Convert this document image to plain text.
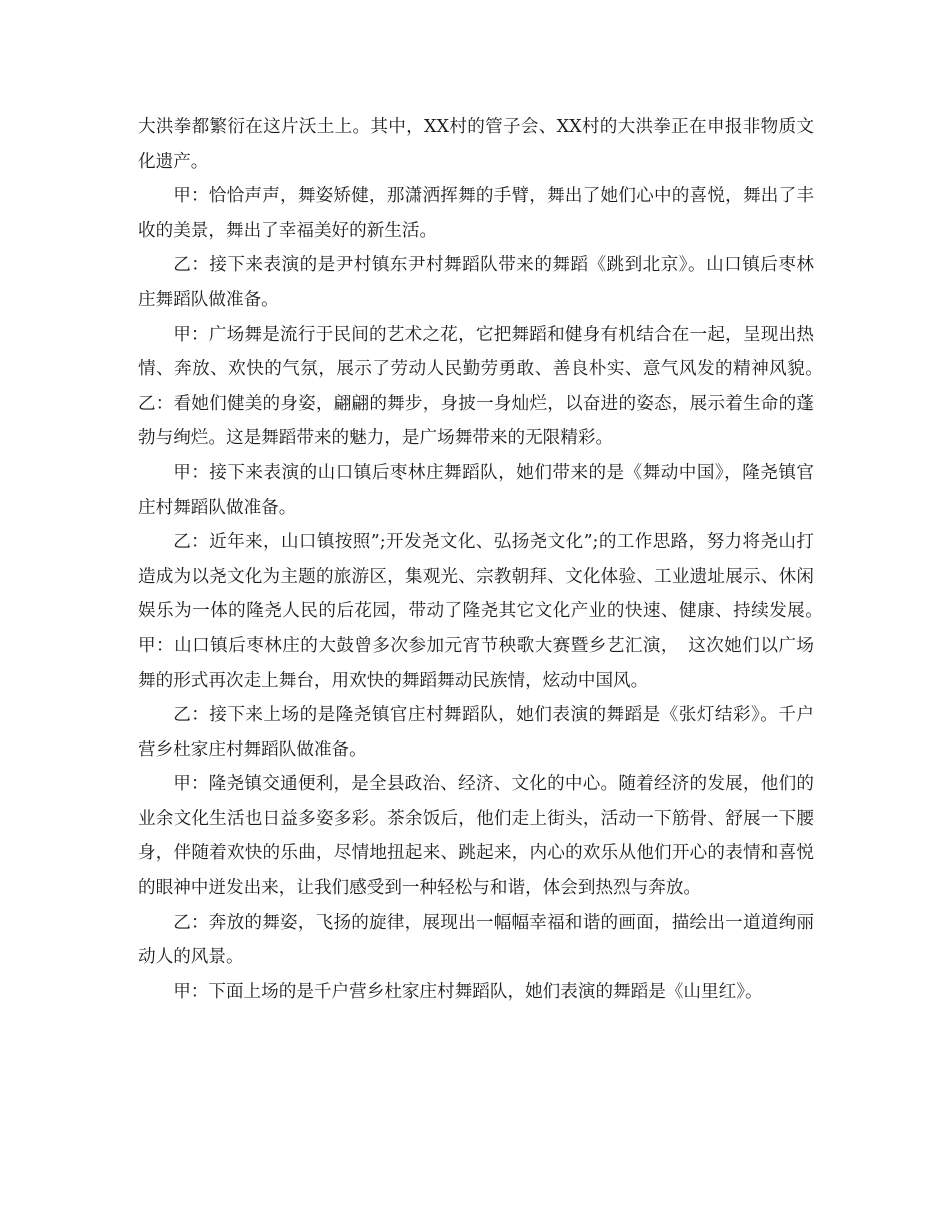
大洪拳都繁衍在这片沃土上。其中，XX村的管子会、XX村的大洪拳正在申报非物质文化遗产。

甲：恰恰声声，舞姿矫健，那潇洒挥舞的手臂，舞出了她们心中的喜悦，舞出了丰收的美景，舞出了幸福美好的新生活。

乙：接下来表演的是尹村镇东尹村舞蹈队带来的舞蹈《跳到北京》。山口镇后枣林庄舞蹈队做准备。

甲：广场舞是流行于民间的艺术之花，它把舞蹈和健身有机结合在一起，呈现出热情、奔放、欢快的气氛，展示了劳动人民勤劳勇敢、善良朴实、意气风发的精神风貌。　乙：看她们健美的身姿，翩翩的舞步，身披一身灿烂，以奋进的姿态，展示着生命的蓬勃与绚烂。这是舞蹈带来的魅力，是广场舞带来的无限精彩。

甲：接下来表演的山口镇后枣林庄舞蹈队，她们带来的是《舞动中国》，隆尧镇官庄村舞蹈队做准备。

乙：近年来，山口镇按照”;开发尧文化、弘扬尧文化”;的工作思路，努力将尧山打造成为以尧文化为主题的旅游区，集观光、宗教朝拜、文化体验、工业遗址展示、休闲娱乐为一体的隆尧人民的后花园，带动了隆尧其它文化产业的快速、健康、持续发展。　甲：山口镇后枣林庄的大鼓曾多次参加元宵节秧歌大赛暨乡艺汇演，　这次她们以广场舞的形式再次走上舞台，用欢快的舞蹈舞动民族情，炫动中国风。

乙：接下来上场的是隆尧镇官庄村舞蹈队，她们表演的舞蹈是《张灯结彩》。千户营乡杜家庄村舞蹈队做准备。

甲：隆尧镇交通便利，是全县政治、经济、文化的中心。随着经济的发展，他们的业余文化生活也日益多姿多彩。茶余饭后，他们走上街头，活动一下筋骨、舒展一下腰身，伴随着欢快的乐曲，尽情地扭起来、跳起来，内心的欢乐从他们开心的表情和喜悦的眼神中迸发出来，让我们感受到一种轻松与和谐，体会到热烈与奔放。

乙：奔放的舞姿，飞扬的旋律，展现出一幅幅幸福和谐的画面，描绘出一道道绚丽动人的风景。

甲：下面上场的是千户营乡杜家庄村舞蹈队，她们表演的舞蹈是《山里红》。
